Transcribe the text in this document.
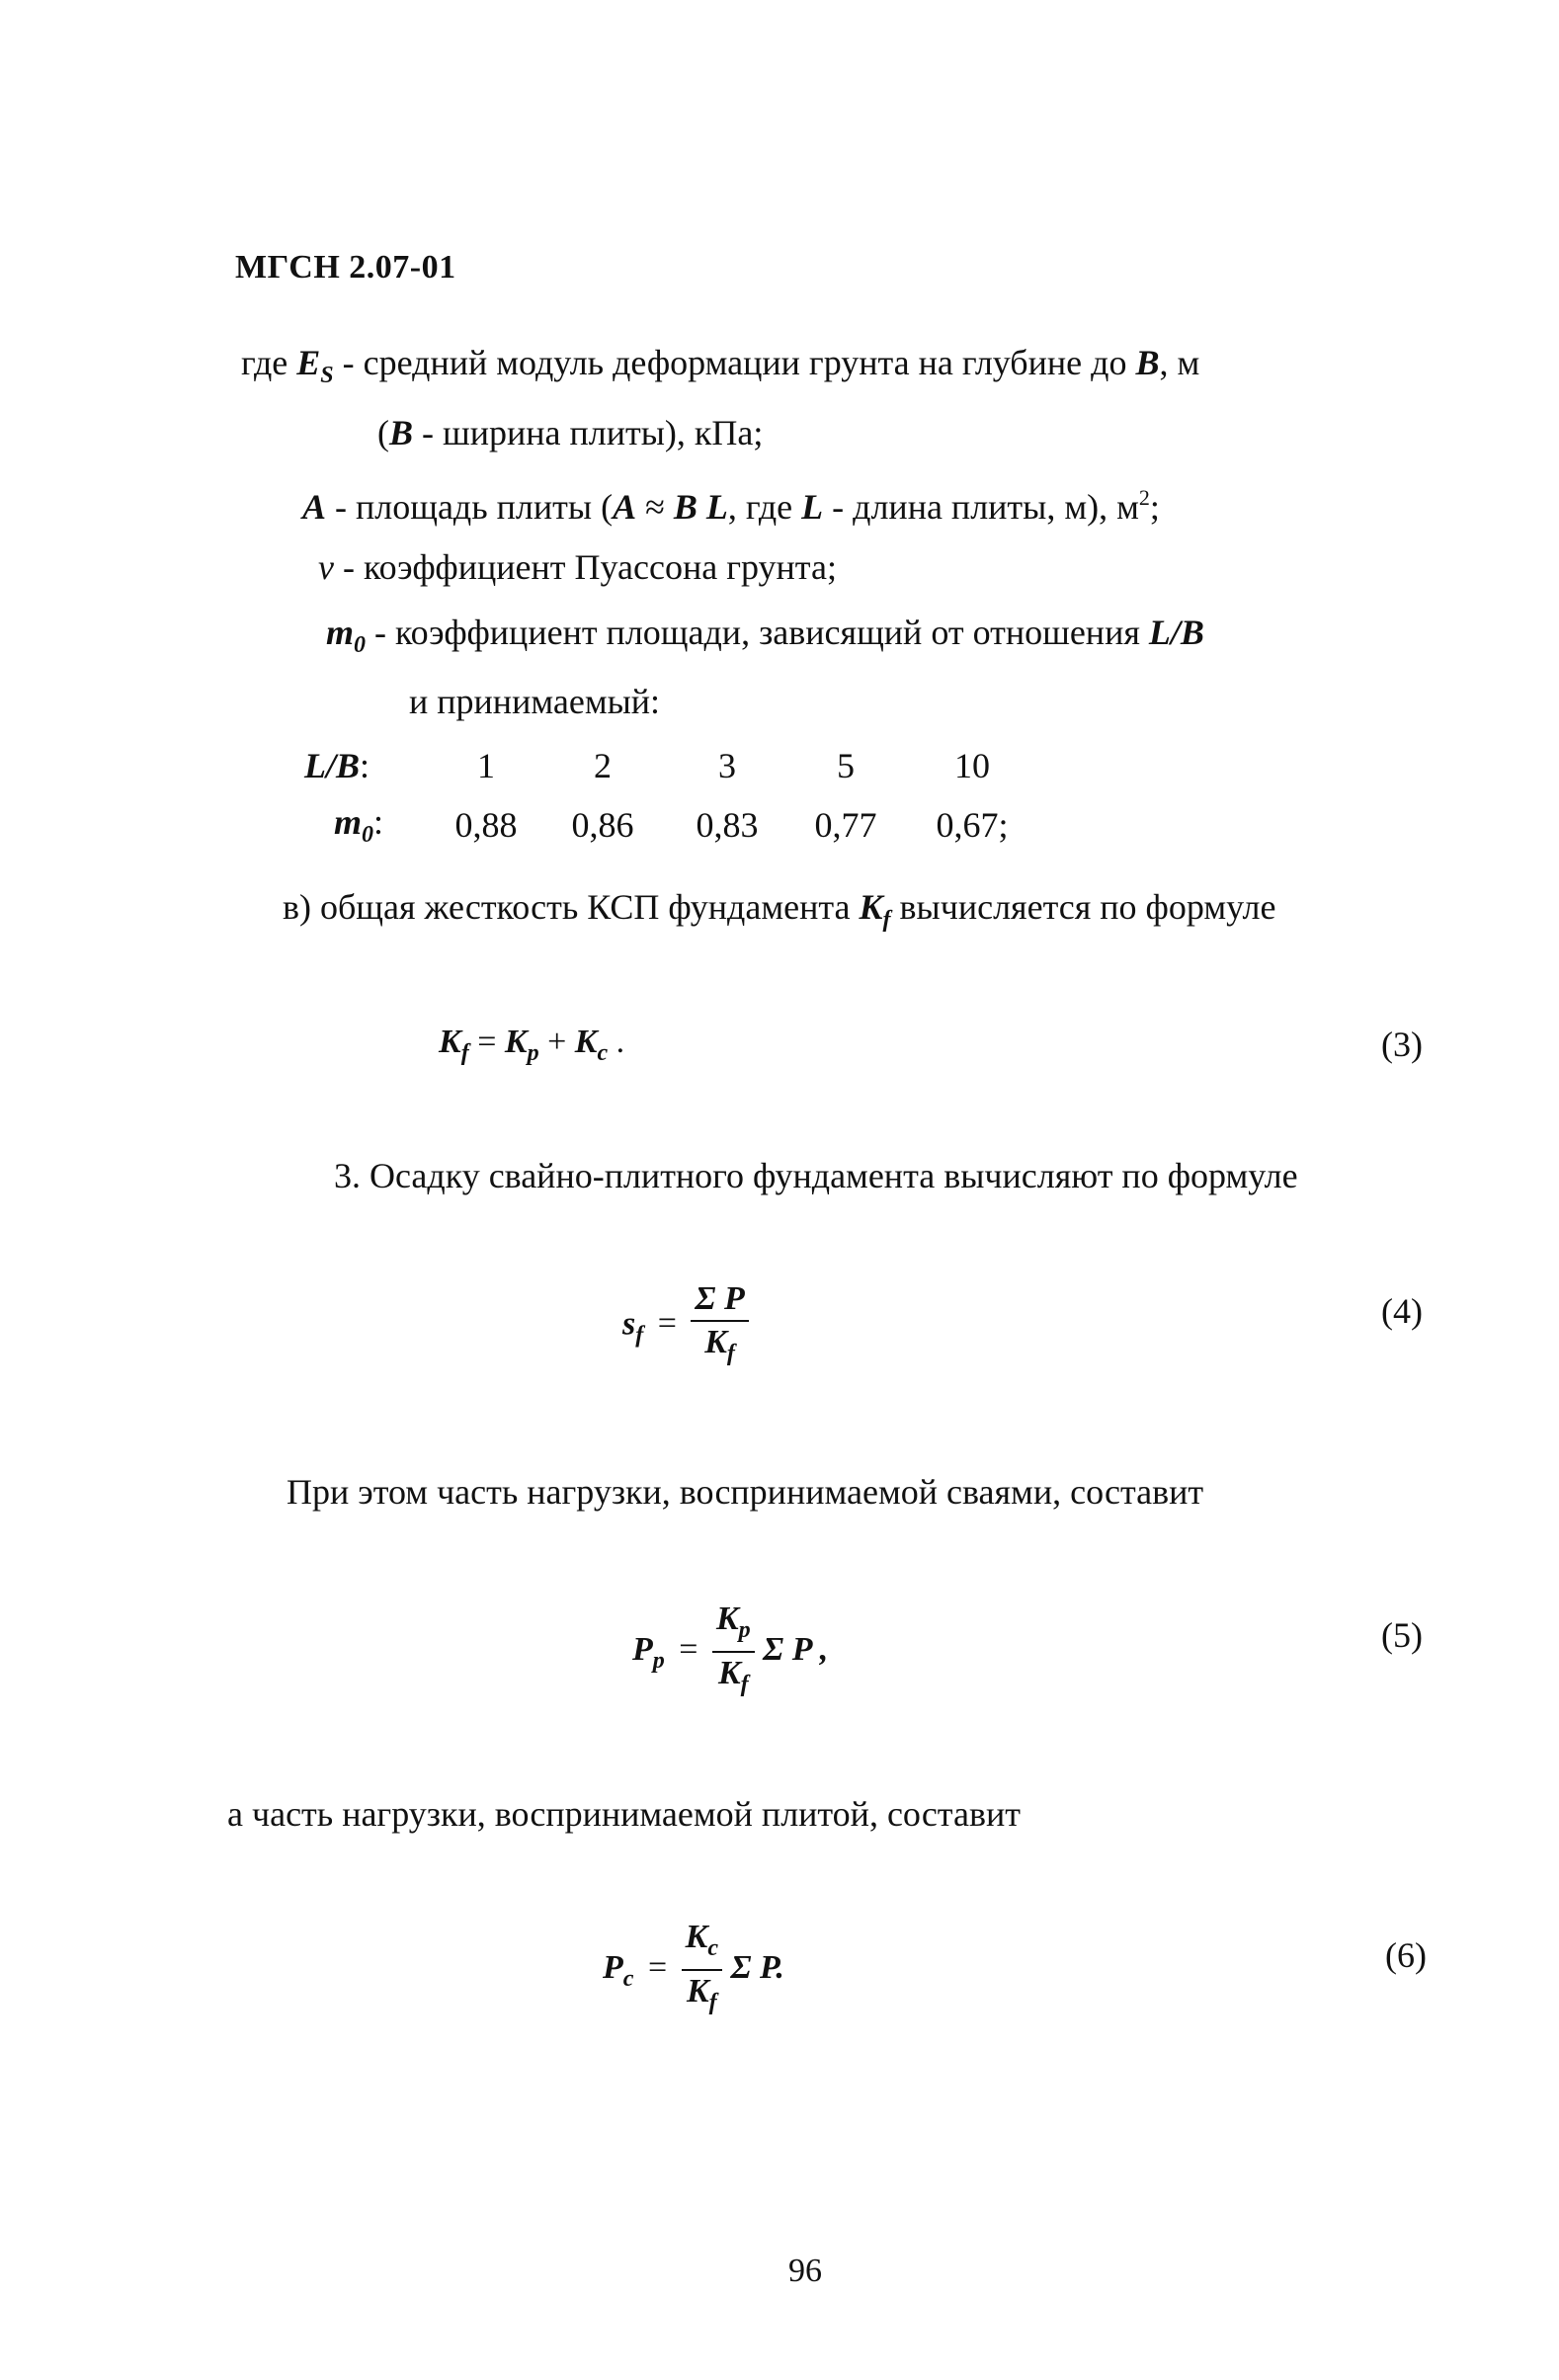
МГСН 2.07-01
где $E_S$ - средний модуль деформации грунта на глубине до B, м
(B - ширина плиты), кПа;
A - площадь плиты (A ≈ B L, где L - длина плиты, м), $м^2$;
ν - коэффициент Пуассона грунта;
$m_0$ - коэффициент площади, зависящий от отношения L/B
и принимаемый:
L/B:	1	2	3	5	10
$m_0$:	0,88	0,86	0,83	0,77	0,67;
в) общая жесткость КСП фундамента $K_f$ вычисляется по формуле
$K_f = K_p + K_c$ .	(3)
3. Осадку свайно-плитного фундамента вычисляют по формуле
$s_f = \frac{\text{Σ P}}{K_f}$	(4)
При этом часть нагрузки, воспринимаемой сваями, составит
$P_p = \frac{K_p}{K_f}$ Σ P ,	(5)
а часть нагрузки, воспринимаемой плитой, составит
$P_c = \frac{K_c}{K_f}$ Σ P.	(6)
96
